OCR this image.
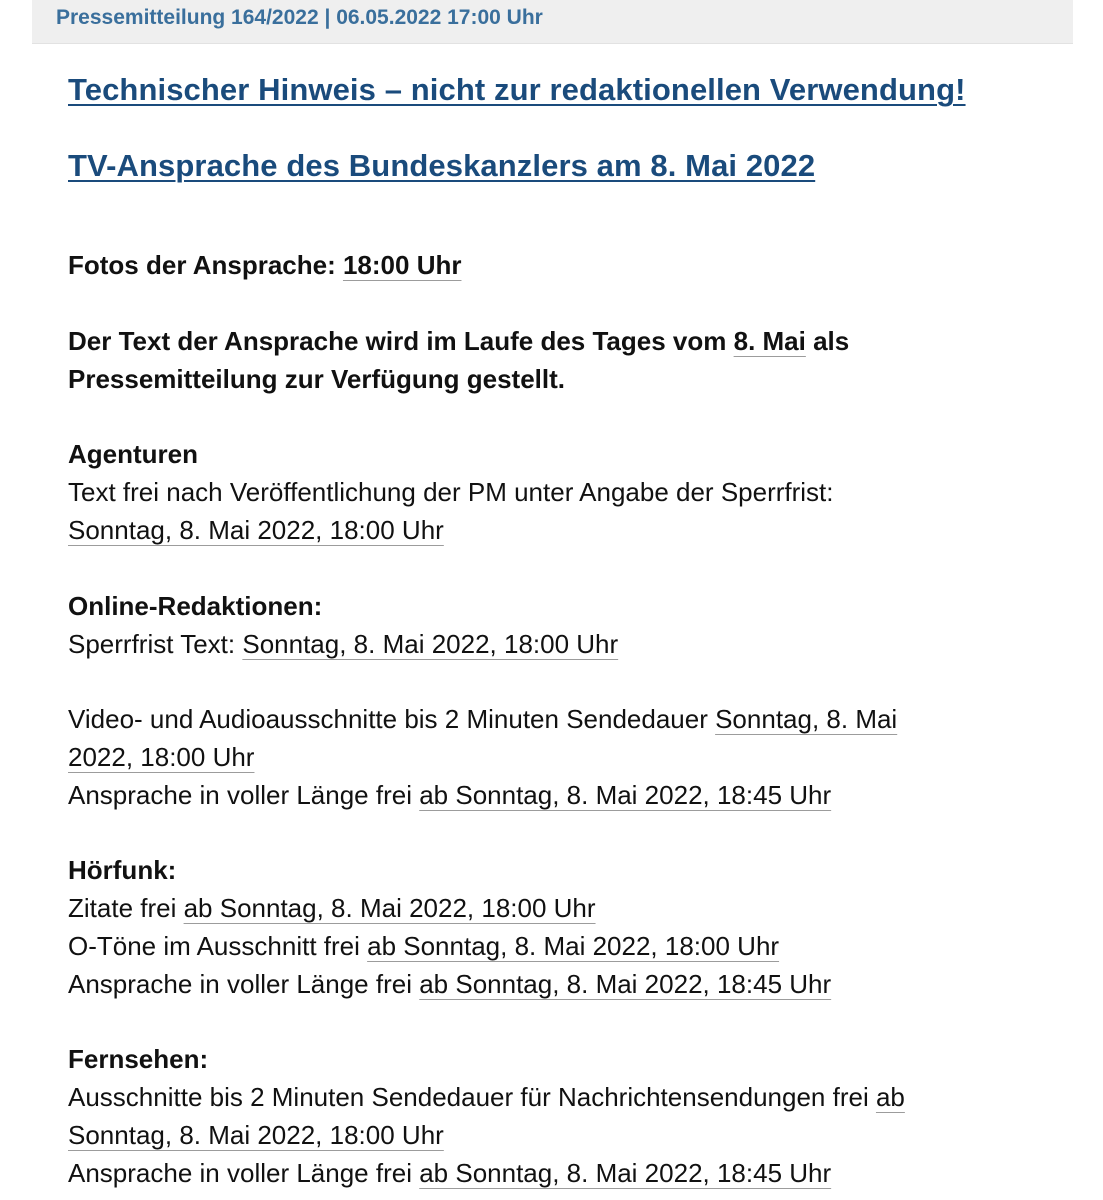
Pressemitteilung 164/2022 | 06.05.2022 17:00 Uhr
Technischer Hinweis – nicht zur redaktionellen Verwendung!
TV-Ansprache des Bundeskanzlers am 8. Mai 2022
Fotos der Ansprache: 18:00 Uhr
Der Text der Ansprache wird im Laufe des Tages vom 8. Mai als
Pressemitteilung zur Verfügung gestellt.
Agenturen
Text frei nach Veröffentlichung der PM unter Angabe der Sperrfrist:
Sonntag, 8. Mai 2022, 18:00 Uhr
Online-Redaktionen:
Sperrfrist Text: Sonntag, 8. Mai 2022, 18:00 Uhr
Video- und Audioausschnitte bis 2 Minuten Sendedauer Sonntag, 8. Mai
2022, 18:00 Uhr
Ansprache in voller Länge frei ab Sonntag, 8. Mai 2022, 18:45 Uhr
Hörfunk:
Zitate frei ab Sonntag, 8. Mai 2022, 18:00 Uhr
O-Töne im Ausschnitt frei ab Sonntag, 8. Mai 2022, 18:00 Uhr
Ansprache in voller Länge frei ab Sonntag, 8. Mai 2022, 18:45 Uhr
Fernsehen:
Ausschnitte bis 2 Minuten Sendedauer für Nachrichtensendungen frei ab
Sonntag, 8. Mai 2022, 18:00 Uhr
Ansprache in voller Länge frei ab Sonntag, 8. Mai 2022, 18:45 Uhr
